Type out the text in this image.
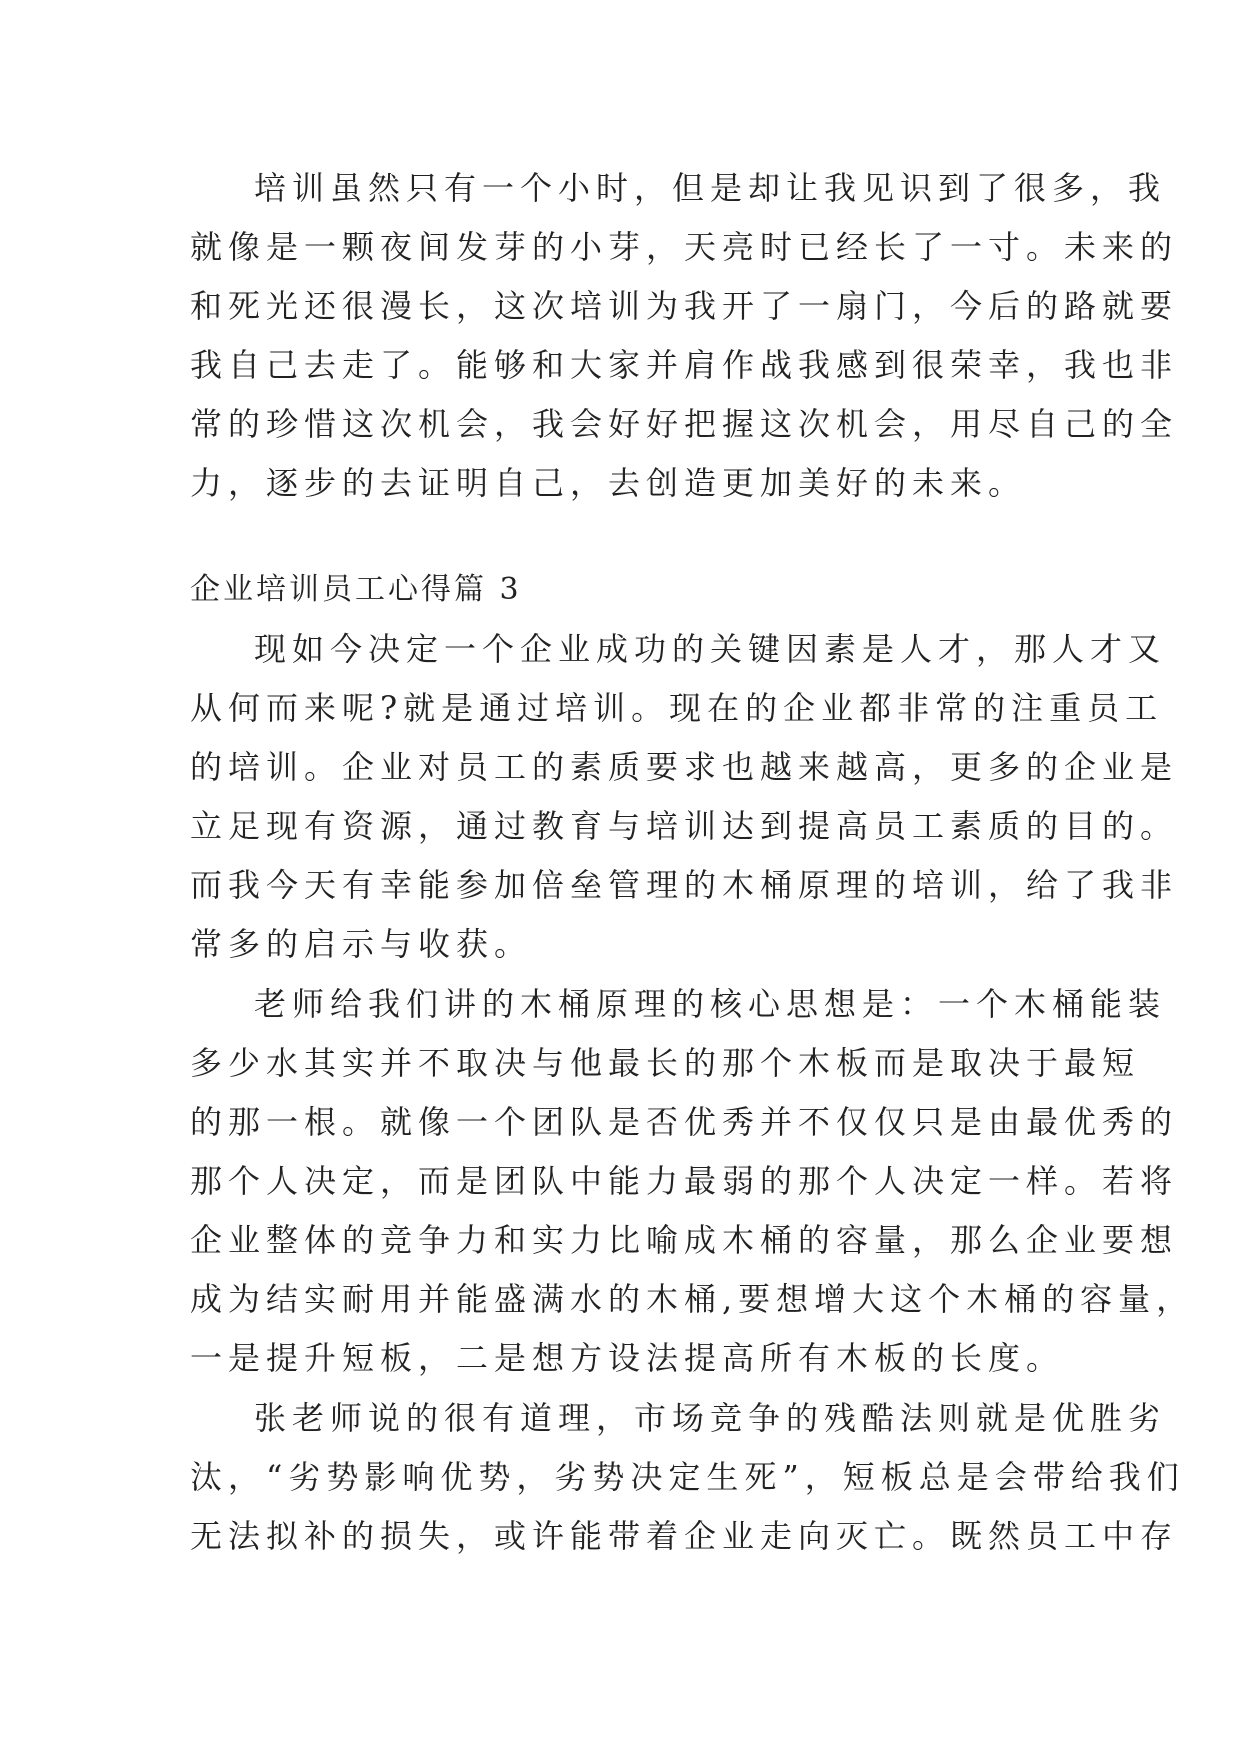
培训虽然只有一个小时，但是却让我见识到了很多，我
就像是一颗夜间发芽的小芽，天亮时已经长了一寸。未来的
和死光还很漫长，这次培训为我开了一扇门，今后的路就要
我自己去走了。能够和大家并肩作战我感到很荣幸，我也非
常的珍惜这次机会，我会好好把握这次机会，用尽自己的全
力，逐步的去证明自己，去创造更加美好的未来。
企业培训员工心得篇 3
现如今决定一个企业成功的关键因素是人才，那人才又
从何而来呢?就是通过培训。现在的企业都非常的注重员工
的培训。企业对员工的素质要求也越来越高，更多的企业是
立足现有资源，通过教育与培训达到提高员工素质的目的。
而我今天有幸能参加倍垒管理的木桶原理的培训，给了我非
常多的启示与收获。
老师给我们讲的木桶原理的核心思想是：一个木桶能装
多少水其实并不取决与他最长的那个木板而是取决于最短
的那一根。就像一个团队是否优秀并不仅仅只是由最优秀的
那个人决定，而是团队中能力最弱的那个人决定一样。若将
企业整体的竞争力和实力比喻成木桶的容量，那么企业要想
成为结实耐用并能盛满水的木桶,要想增大这个木桶的容量，
一是提升短板，二是想方设法提高所有木板的长度。
张老师说的很有道理，市场竞争的残酷法则就是优胜劣
汰，“劣势影响优势，劣势决定生死”，短板总是会带给我们
无法拟补的损失，或许能带着企业走向灭亡。既然员工中存
